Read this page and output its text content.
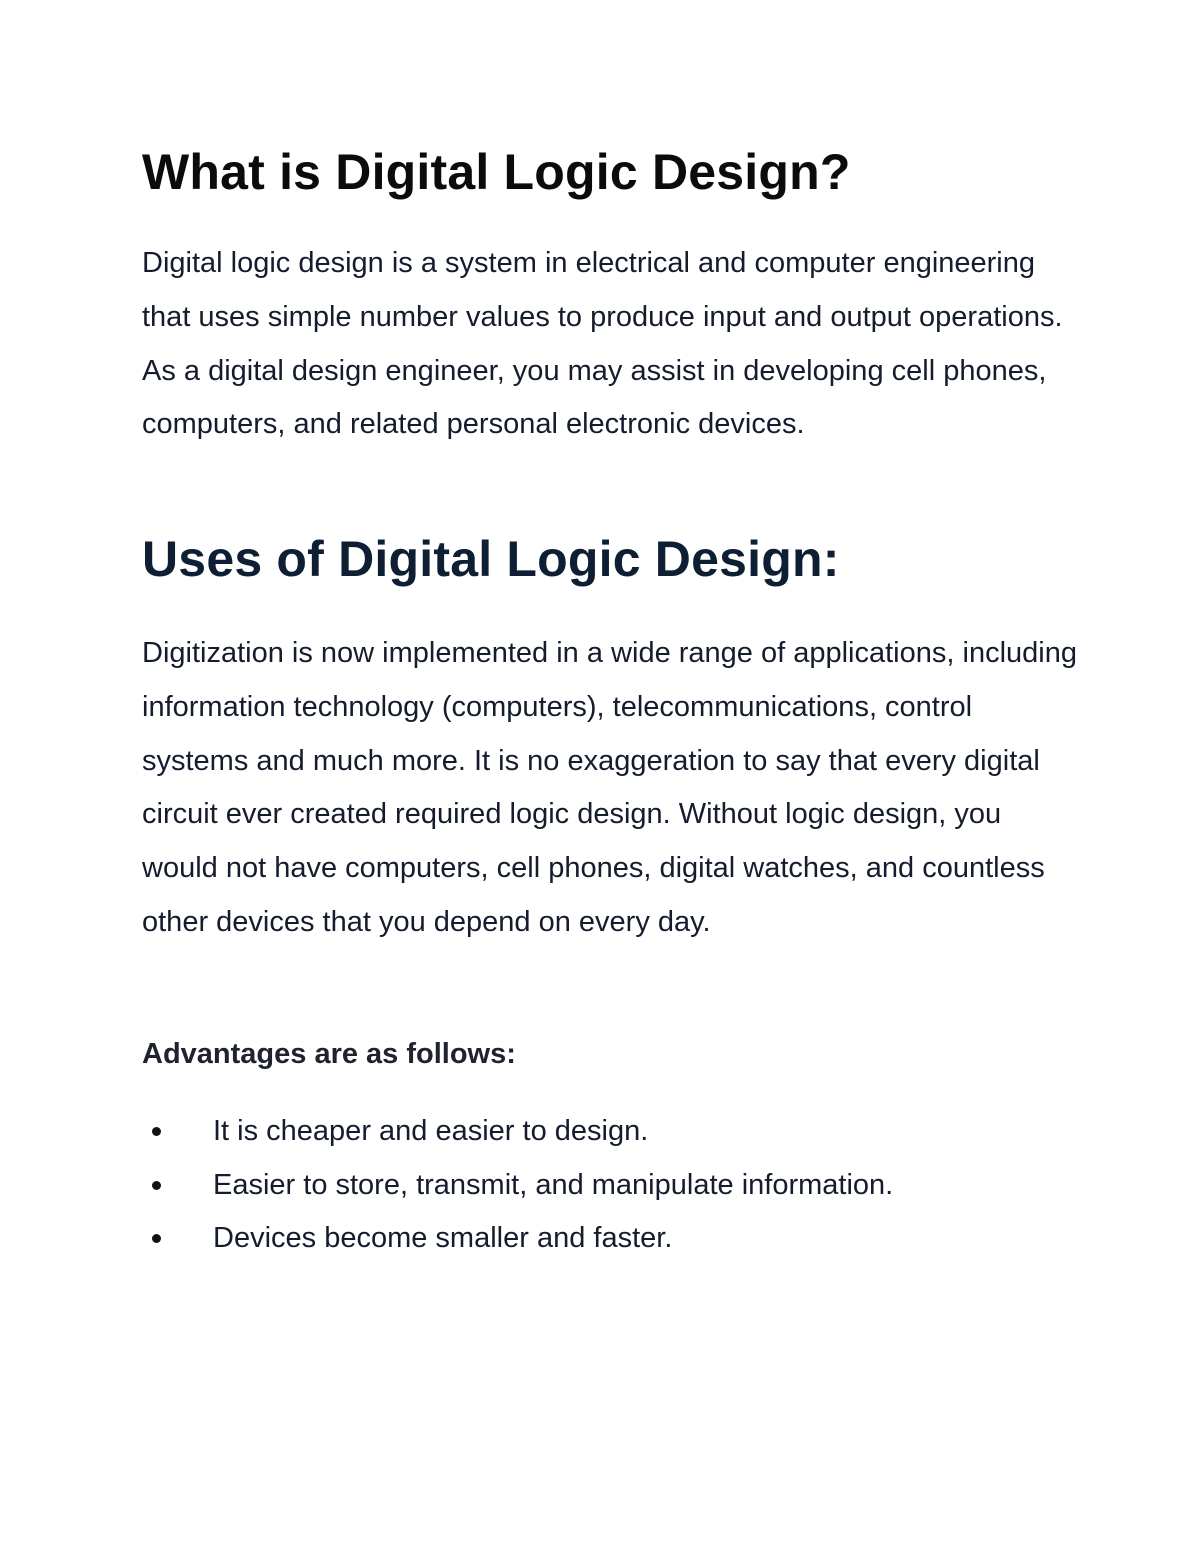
What is Digital Logic Design?

Digital logic design is a system in electrical and computer engineering that uses simple number values to produce input and output operations. As a digital design engineer, you may assist in developing cell phones, computers, and related personal electronic devices.

Uses of Digital Logic Design:

Digitization is now implemented in a wide range of applications, including information technology (computers), telecommunications, control systems and much more. It is no exaggeration to say that every digital circuit ever created required logic design. Without logic design, you would not have computers, cell phones, digital watches, and countless other devices that you depend on every day.

Advantages are as follows:

It is cheaper and easier to design.
Easier to store, transmit, and manipulate information.
Devices become smaller and faster.
